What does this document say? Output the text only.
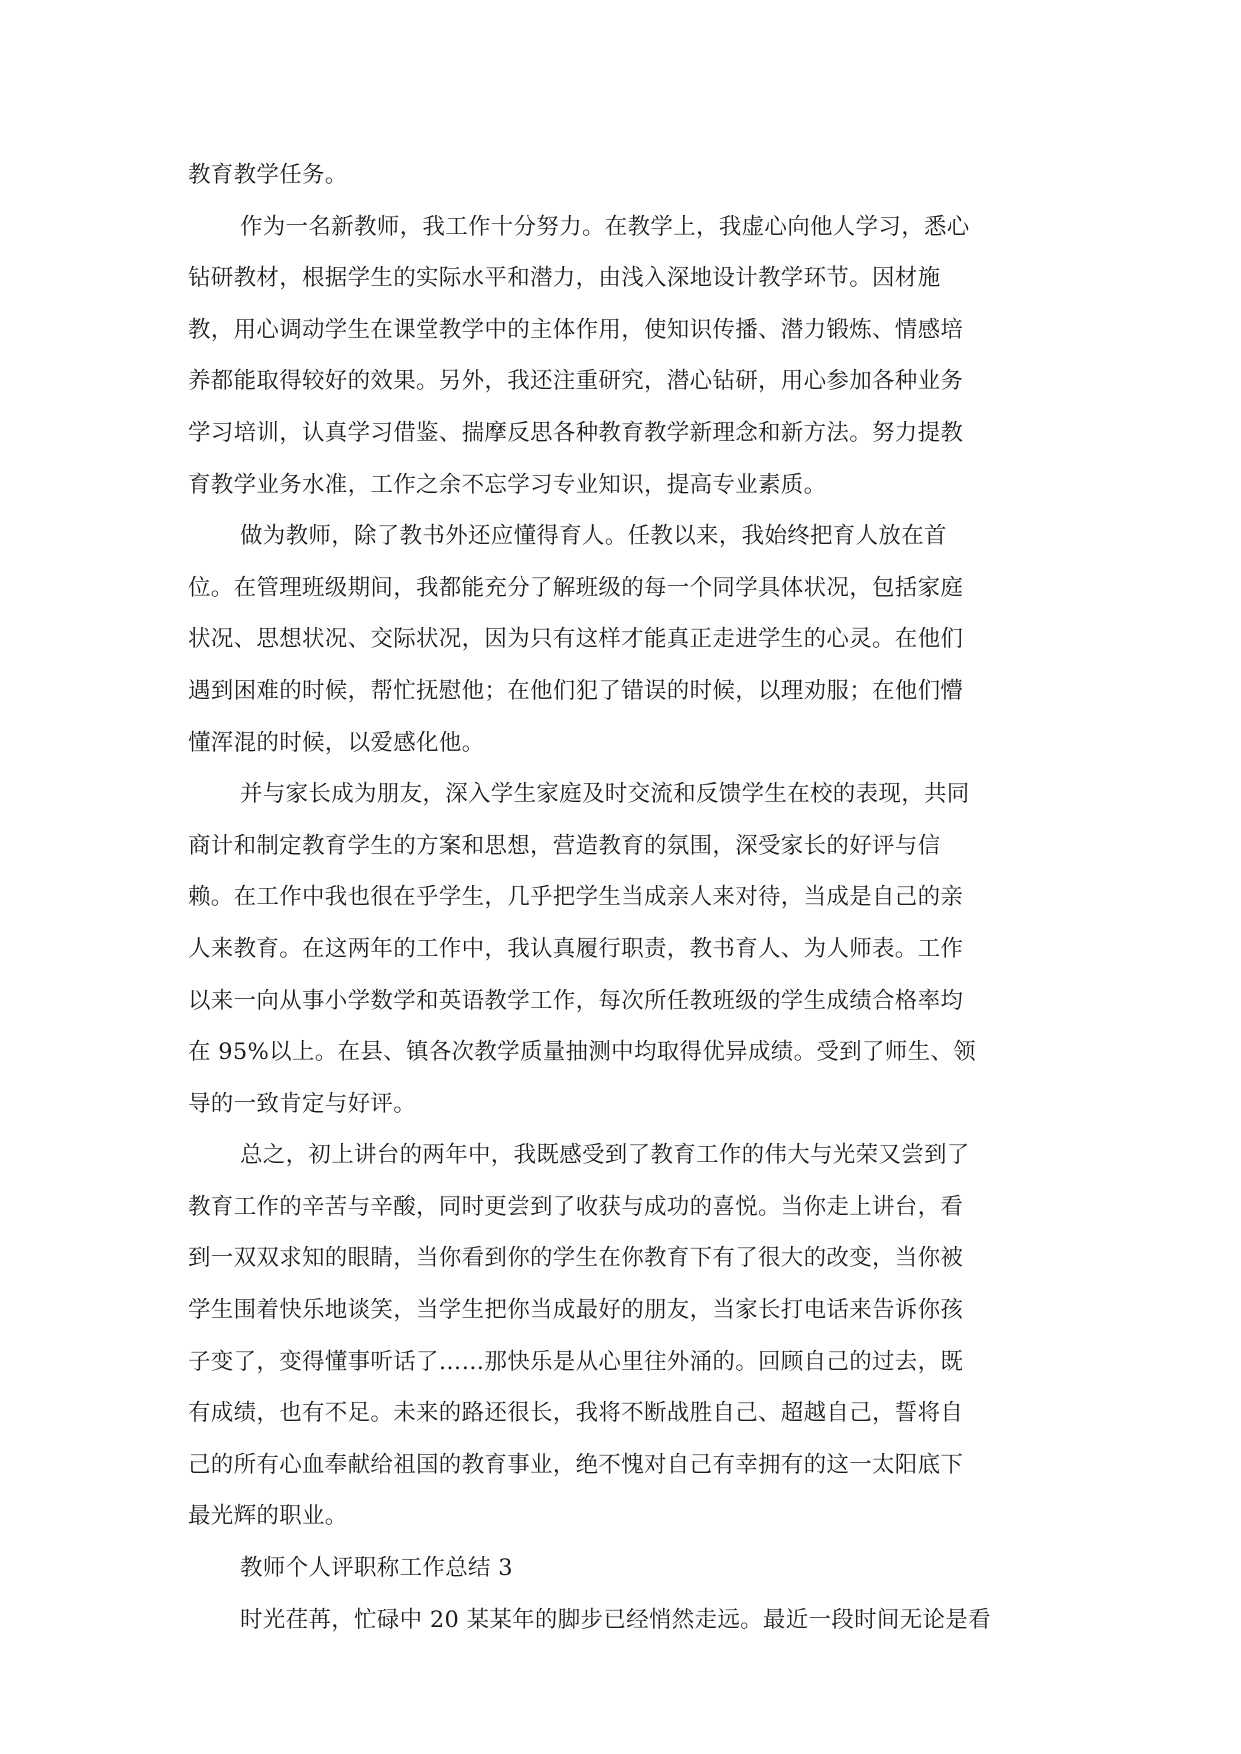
教育教学任务。
作为一名新教师，我工作十分努力。在教学上，我虚心向他人学习，悉心
钻研教材，根据学生的实际水平和潜力，由浅入深地设计教学环节。因材施
教，用心调动学生在课堂教学中的主体作用，使知识传播、潜力锻炼、情感培
养都能取得较好的效果。另外，我还注重研究，潜心钻研，用心参加各种业务
学习培训，认真学习借鉴、揣摩反思各种教育教学新理念和新方法。努力提教
育教学业务水准，工作之余不忘学习专业知识，提高专业素质。
做为教师，除了教书外还应懂得育人。任教以来，我始终把育人放在首
位。在管理班级期间，我都能充分了解班级的每一个同学具体状况，包括家庭
状况、思想状况、交际状况，因为只有这样才能真正走进学生的心灵。在他们
遇到困难的时候，帮忙抚慰他；在他们犯了错误的时候，以理劝服；在他们懵
懂浑混的时候，以爱感化他。
并与家长成为朋友，深入学生家庭及时交流和反馈学生在校的表现，共同
商计和制定教育学生的方案和思想，营造教育的氛围，深受家长的好评与信
赖。在工作中我也很在乎学生，几乎把学生当成亲人来对待，当成是自己的亲
人来教育。在这两年的工作中，我认真履行职责，教书育人、为人师表。工作
以来一向从事小学数学和英语教学工作，每次所任教班级的学生成绩合格率均
在 95%以上。在县、镇各次教学质量抽测中均取得优异成绩。受到了师生、领
导的一致肯定与好评。
总之，初上讲台的两年中，我既感受到了教育工作的伟大与光荣又尝到了
教育工作的辛苦与辛酸，同时更尝到了收获与成功的喜悦。当你走上讲台，看
到一双双求知的眼睛，当你看到你的学生在你教育下有了很大的改变，当你被
学生围着快乐地谈笑，当学生把你当成最好的朋友，当家长打电话来告诉你孩
子变了，变得懂事听话了……那快乐是从心里往外涌的。回顾自己的过去，既
有成绩，也有不足。未来的路还很长，我将不断战胜自己、超越自己，誓将自
己的所有心血奉献给祖国的教育事业，绝不愧对自己有幸拥有的这一太阳底下
最光辉的职业。
教师个人评职称工作总结 3
时光荏苒，忙碌中 20 某某年的脚步已经悄然走远。最近一段时间无论是看
